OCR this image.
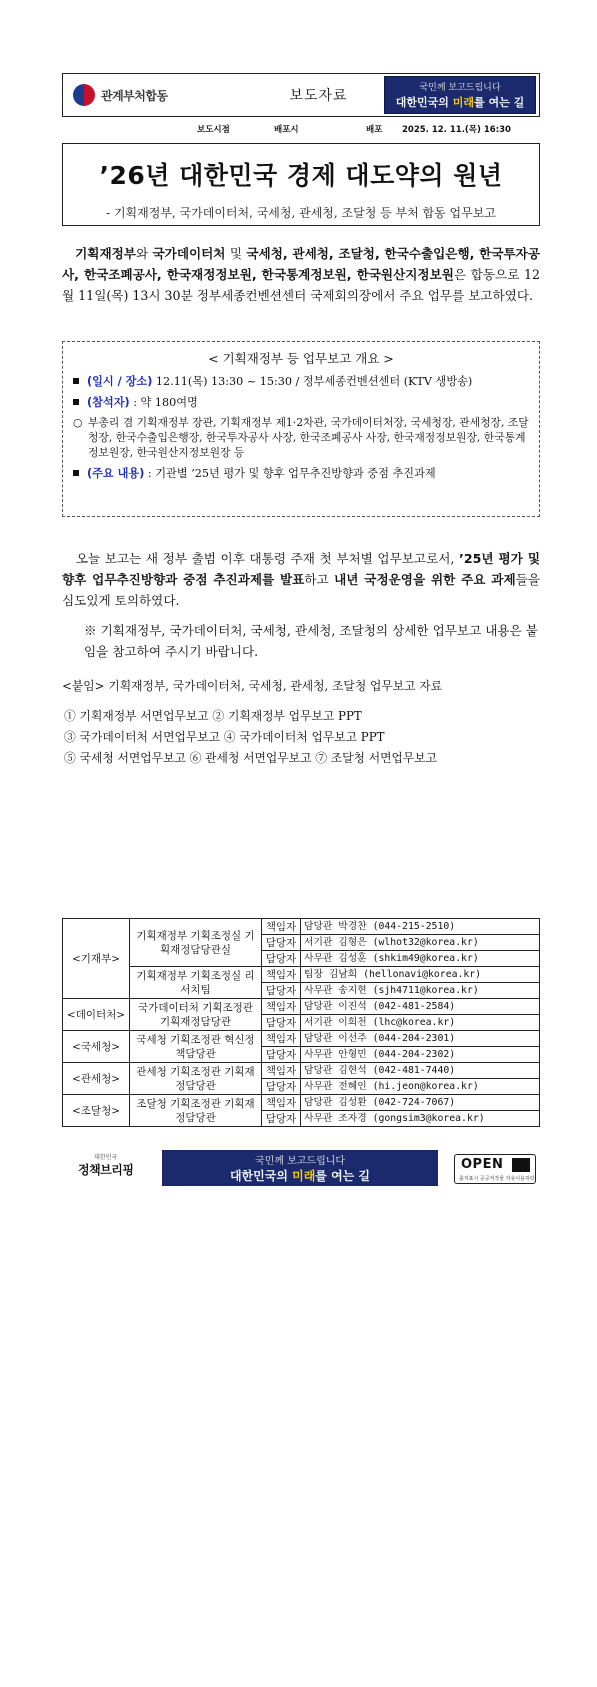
관계부처합동	보도자료	국민께 보고드립니다
대한민국의 미래를 여는 길
보도시점	배포시	배포 2025. 12. 11.(목) 16:30
’26년 대한민국 경제 대도약의 원년
- 기획재정부, 국가데이터처, 국세청, 관세청, 조달청 등 부처 합동 업무보고
기획재정부와 국가데이터처 및 국세청, 관세청, 조달청, 한국수출입은행, 한국투자공사, 한국조폐공사, 한국재정정보원, 한국통계정보원, 한국원산지정보원은 합동으로 12월 11일(목) 13시 30분 정부세종컨벤션센터 국제회의장에서 주요 업무를 보고하였다.
< 기획재정부 등 업무보고 개요 >
(일시 / 장소) 12.11(목) 13:30 ~ 15:30 / 정부세종컨벤션센터 (KTV 생방송)
(참석자) : 약 180여명
○ 부총리 겸 기획재정부 장관, 기획재정부 제1·2차관, 국가데이터처장, 국세청장, 관세청장, 조달청장, 한국수출입은행장, 한국투자공사 사장, 한국조폐공사 사장, 한국재정정보원장, 한국통계정보원장, 한국원산지정보원장 등
(주요 내용) : 기관별 ’25년 평가 및 향후 업무추진방향과 중점 추진과제
오늘 보고는 새 정부 출범 이후 대통령 주재 첫 부처별 업무보고로서, ’25년 평가 및 향후 업무추진방향과 중점 추진과제를 발표하고 내년 국정운영을 위한 주요 과제들을 심도있게 토의하였다.
※ 기획재정부, 국가데이터처, 국세청, 관세청, 조달청의 상세한 업무보고 내용은 붙임을 참고하여 주시기 바랍니다.
<붙임> 기획재정부, 국가데이터처, 국세청, 관세청, 조달청 업무보고 자료
① 기획재정부 서면업무보고 ② 기획재정부 업무보고 PPT
③ 국가데이터처 서면업무보고 ④ 국가데이터처 업무보고 PPT
⑤ 국세청 서면업무보고 ⑥ 관세청 서면업무보고 ⑦ 조달청 서면업무보고
<기재부>	기획재정부 기획조정실 기획재정담당관실	책임자	담당관 박경찬 (044-215-2510)
		담당자	서기관 김형은 (wlhot32@korea.kr)
		담당자	사무관 김성훈 (shkim49@korea.kr)
	기획재정부 기획조정실 리서치팀	책임자	팀장 김남희 (hellonavi@korea.kr)
		담당자	사무관 송지현 (sjh4711@korea.kr)
<데이터처>	국가데이터처 기획조정관 기획재정담당관	책임자	담당관 이진석 (042-481-2584)
		담당자	서기관 이희천 (lhc@korea.kr)
<국세청>	국세청 기획조정관 혁신정책담당관	책임자	담당관 이선주 (044-204-2301)
		담당자	사무관 안형민 (044-204-2302)
<관세청>	관세청 기획조정관 기획재정담당관	책임자	담당관 김현석 (042-481-7440)
		담당자	사무관 전혜인 (hi.jeon@korea.kr)
<조달청>	조달청 기획조정관 기획재정담당관	책임자	담당관 김성환 (042-724-7067)
		담당자	사무관 조자경 (gongsim3@korea.kr)
대한민국
정책브리핑
국민께 보고드립니다
대한민국의 미래를 여는 길
OPEN
출처표시 공공저작물 자유이용허락
